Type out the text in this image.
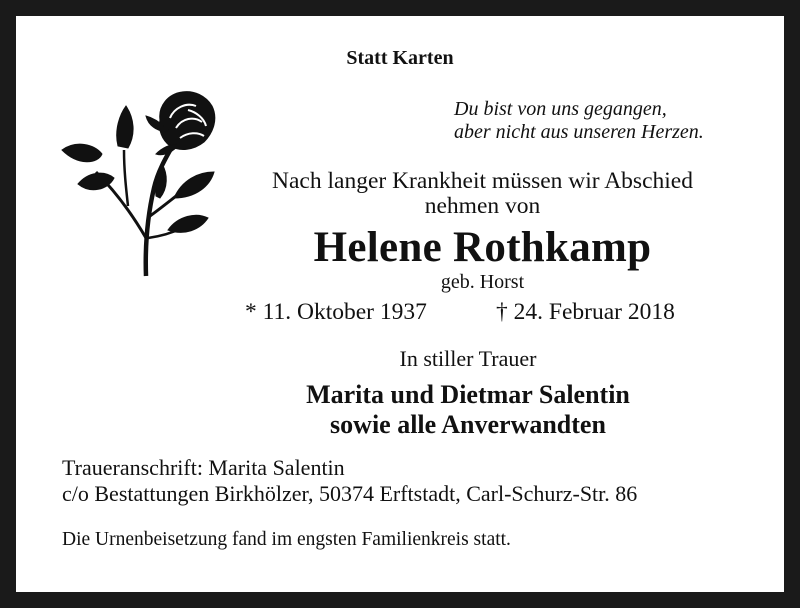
Statt Karten
Du bist von uns gegangen,
aber nicht aus unseren Herzen.
Nach langer Krankheit müssen wir Abschied
nehmen von
Helene Rothkamp
geb. Horst
* 11. Oktober 1937	† 24. Februar 2018
In stiller Trauer
Marita und Dietmar Salentin
sowie alle Anverwandten
Traueranschrift: Marita Salentin
c/o Bestattungen Birkhölzer, 50374 Erftstadt, Carl-Schurz-Str. 86
Die Urnenbeisetzung fand im engsten Familienkreis statt.
